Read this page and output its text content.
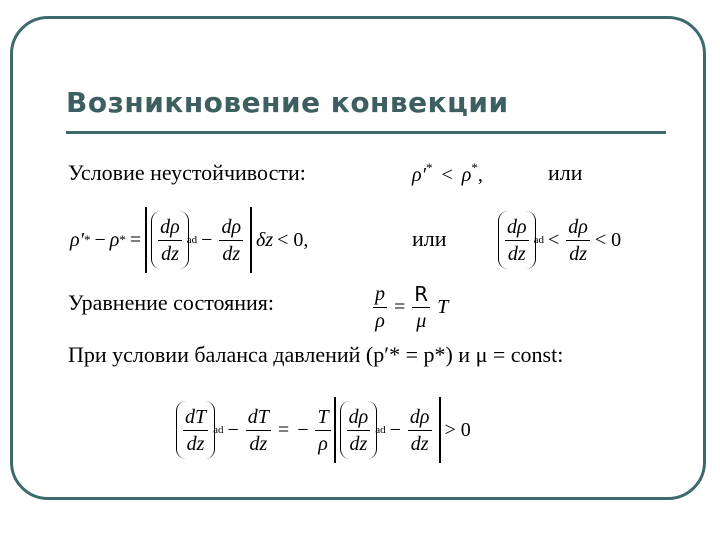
Возникновение конвекции
Условие неустойчивости:	ρ′* < ρ*,	или
ρ′ * − ρ * = $\frac{d\rho}{dz}$ ad − $\frac{d\rho}{dz}$ δz < 0,	или	$\frac{d\rho}{dz}$ ad < $\frac{d\rho}{dz} < 0$
Уравнение состояния:	$\frac{p}{\rho} = \frac{R}{\mu}$ T
При условии баланса давлений (p′* = p*) и μ = const:
$\frac{dT}{dz}$ ad − $\frac{dT}{dz}$ = − $\frac{T}{\rho} \frac{d\rho}{dz}$ ad − $\frac{d\rho}{dz} > 0$
